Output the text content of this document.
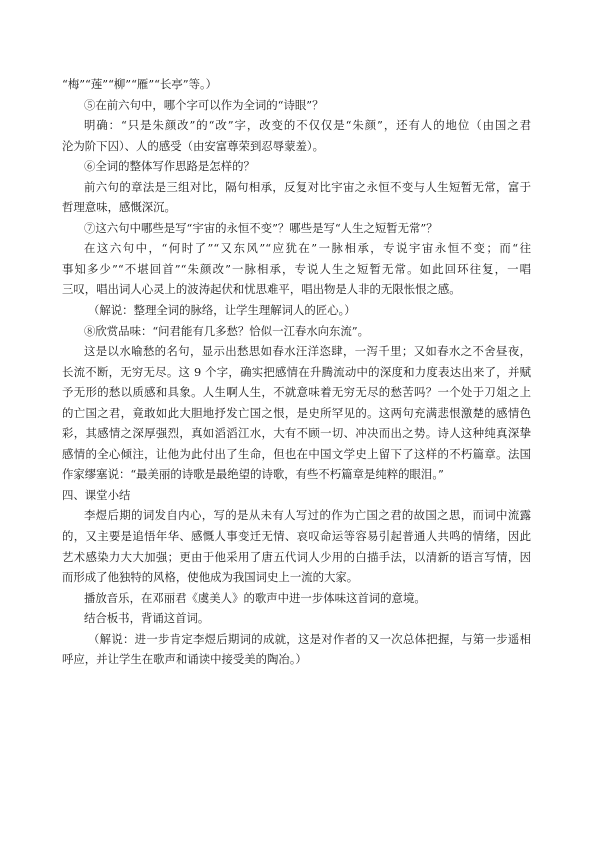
“梅”“莲”“柳”“雁”“长亭”等。）

⑤在前六句中，哪个字可以作为全词的“诗眼”？

明确：“只是朱颜改”的“改”字，改变的不仅仅是“朱颜”，还有人的地位（由国之君

沦为阶下囚）、人的感受（由安富尊荣到忍辱蒙羞）。

⑥全词的整体写作思路是怎样的？

前六句的章法是三组对比，隔句相承，反复对比宇宙之永恒不变与人生短暂无常，富于

哲理意味，感慨深沉。

⑦这六句中哪些是写“宇宙的永恒不变”？哪些是写“人生之短暂无常”？

在这六句中，“何时了”“又东风”“应犹在”一脉相承，专说宇宙永恒不变；而“往

事知多少”“不堪回首”“朱颜改”一脉相承，专说人生之短暂无常。如此回环往复，一唱

三叹，唱出词人心灵上的波涛起伏和忧思难平，唱出物是人非的无限怅恨之感。

（解说：整理全词的脉络，让学生理解词人的匠心。）

⑧欣赏品味：“问君能有几多愁？恰似一江春水向东流”。

这是以水喻愁的名句，显示出愁思如春水汪洋恣肆，一泻千里；又如春水之不舍昼夜，

长流不断，无穷无尽。这 9 个字，确实把感情在升腾流动中的深度和力度表达出来了，并赋

予无形的愁以质感和具象。人生啊人生，不就意味着无穷无尽的愁苦吗？一个处于刀俎之上

的亡国之君，竟敢如此大胆地抒发亡国之恨，是史所罕见的。这两句充满悲恨激楚的感情色

彩，其感情之深厚强烈，真如滔滔江水，大有不顾一切、冲决而出之势。诗人这种纯真深挚

感情的全心倾注，让他为此付出了生命，但也在中国文学史上留下了这样的不朽篇章。法国

作家缪塞说：“最美丽的诗歌是最绝望的诗歌，有些不朽篇章是纯粹的眼泪。”

四、课堂小结

李煜后期的词发自内心，写的是从未有人写过的作为亡国之君的故国之思，而词中流露

的，又主要是追悟年华、感慨人事变迁无情、哀叹命运等容易引起普通人共鸣的情绪，因此

艺术感染力大大加强；更由于他采用了唐五代词人少用的白描手法，以清新的语言写情，因

而形成了他独特的风格，使他成为我国词史上一流的大家。

播放音乐，在邓丽君《虞美人》的歌声中进一步体味这首词的意境。

结合板书，背诵这首词。

（解说：进一步肯定李煜后期词的成就，这是对作者的又一次总体把握，与第一步遥相

呼应，并让学生在歌声和诵读中接受美的陶冶。）
